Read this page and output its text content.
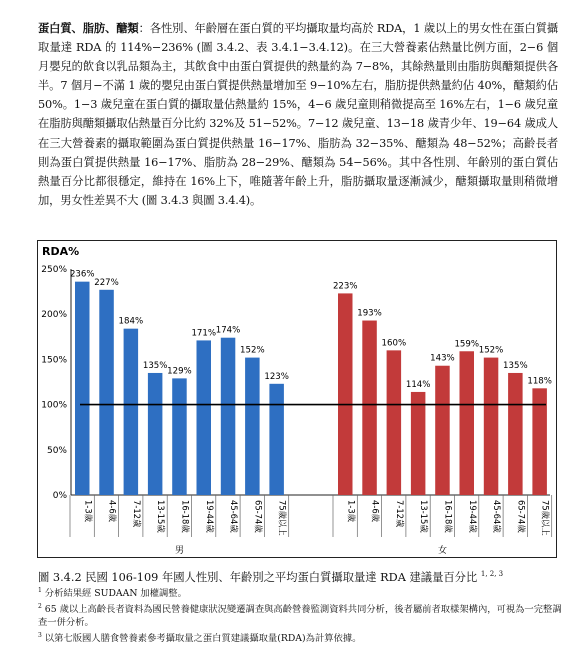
蛋白質、脂肪、醣類：各性別、年齡層在蛋白質的平均攝取量均高於 RDA，1 歲以上的男女性在蛋白質攝取量達 RDA 的 114%−236% (圖 3.4.2、表 3.4.1−3.4.12)。在三大營養素佔熱量比例方面，2−6 個月嬰兒的飲食以乳品類為主，其飲食中由蛋白質提供的熱量約為 7−8%，其餘熱量則由脂肪與醣類提供各半。7 個月−不滿 1 歲的嬰兒由蛋白質提供熱量增加至 9−10%左右，脂肪提供熱量約佔 40%，醣類約佔 50%。1−3 歲兒童在蛋白質的攝取量佔熱量約 15%，4−6 歲兒童則稍微提高至 16%左右，1−6 歲兒童在脂肪與醣類攝取佔熱量百分比約 32%及 51−52%。7−12 歲兒童、13−18 歲青少年、19−64 歲成人在三大營養素的攝取範圍為蛋白質提供熱量 16−17%、脂肪為 32−35%、醣類為 48−52%；高齡長者則為蛋白質提供熱量 16−17%、脂肪為 28−29%、醣類為 54−56%。其中各性別、年齡別的蛋白質佔熱量百分比都很穩定，維持在 16%上下，唯隨著年齡上升，脂肪攝取量逐漸減少，醣類攝取量則稍微增加，男女性差異不大 (圖 3.4.3 與圖 3.4.4)。
RDA%
0%
50%
100%
150%
200%
250% 236%
1-3歲
227%
4-6歲
184%
7-12歲
135%
13-15歲
129%
16-18歲
171%
19-44歲
174%
45-64歲
152%
65-74歲
123%
75歲以上
男
223%
1-3歲
193%
4-6歲
160%
7-12歲
114%
13-15歲
143%
16-18歲
159%
19-44歲
152%
45-64歲
135%
65-74歲
118%
75歲以上
女
圖 3.4.2 民國 106-109 年國人性別、年齡別之平均蛋白質攝取量達 RDA 建議量百分比 $^{1, 2, 3}$
$^1$ 分析結果經 SUDAAN 加權調整。
$^2$ 65 歲以上高齡長者資料為國民營養健康狀況變遷調查與高齡營養監測資料共同分析，後者屬前者取樣架構內，可視為一完整調查一併分析。
$^3$ 以第七版國人膳食營養素參考攝取量之蛋白質建議攝取量(RDA)為計算依據。
